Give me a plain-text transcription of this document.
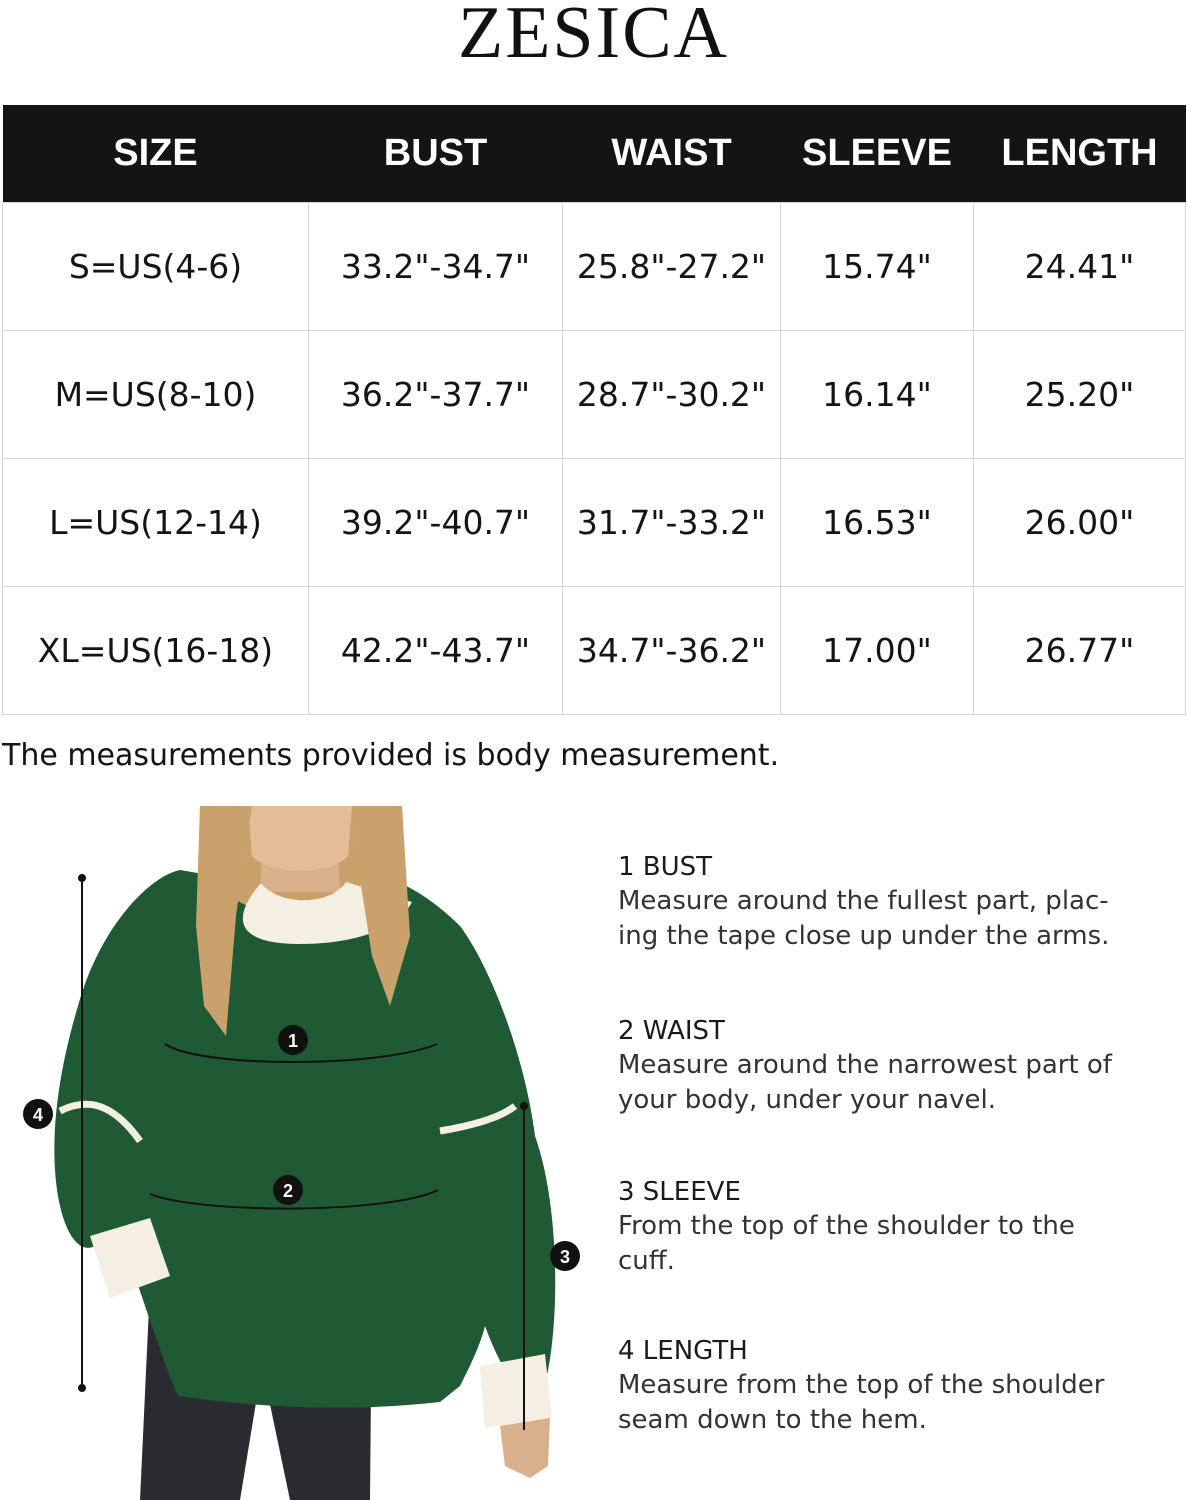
ZESICA
SIZE	BUST	WAIST	SLEEVE	LENGTH
S=US(4-6)	33.2"-34.7"	25.8"-27.2"	15.74"	24.41"
M=US(8-10)	36.2"-37.7"	28.7"-30.2"	16.14"	25.20"
L=US(12-14)	39.2"-40.7"	31.7"-33.2"	16.53"	26.00"
XL=US(16-18)	42.2"-43.7"	34.7"-36.2"	17.00"	26.77"
The measurements provided is body measurement.
1
2
3
4
1 BUST
Measure around the fullest part, plac-
ing the tape close up under the arms.
2 WAIST
Measure around the narrowest part of
your body, under your navel.
3 SLEEVE
From the top of the shoulder to the
cuff.
4 LENGTH
Measure from the top of the shoulder
seam down to the hem.
